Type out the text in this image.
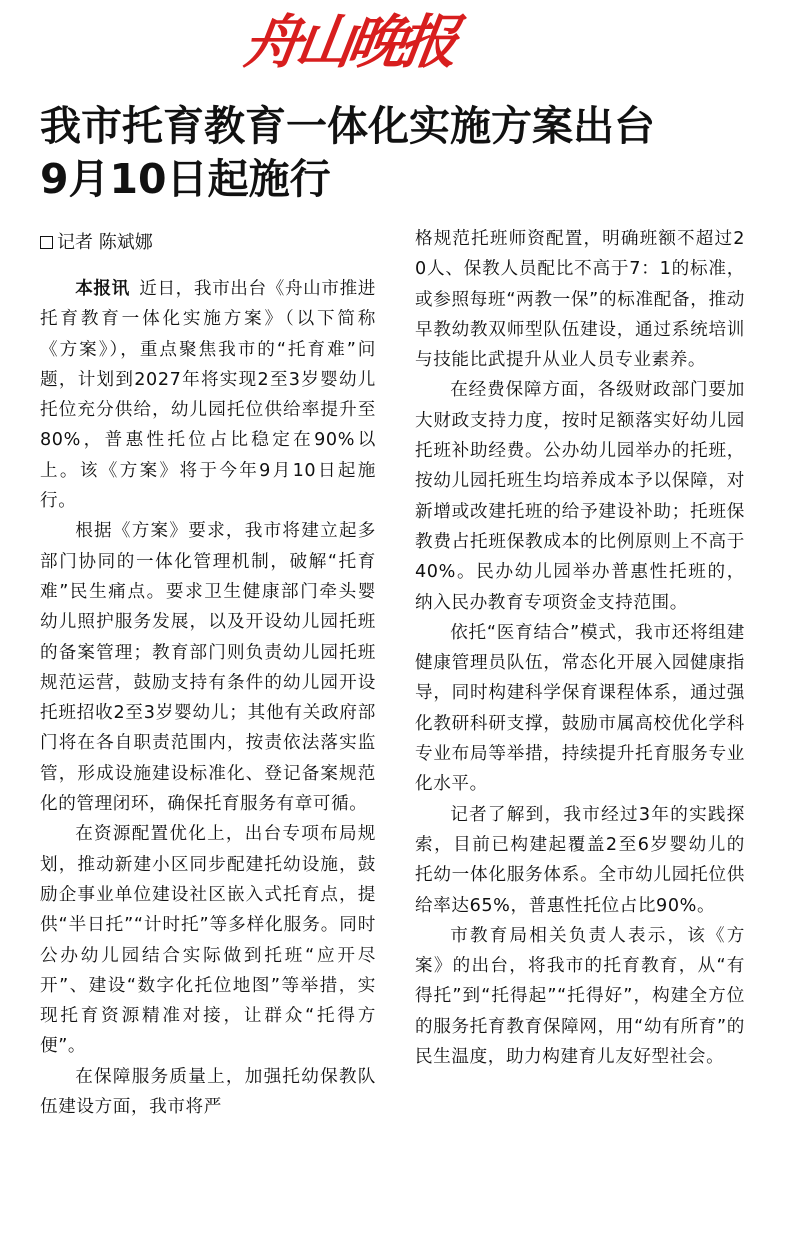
舟山晚报
我市托育教育一体化实施方案出台
9月10日起施行
记者 陈斌娜

本报讯  近日，我市出台《舟山市推进托育教育一体化实施方案》（以下简称《方案》），重点聚焦我市的“托育难”问题，计划到2027年将实现2至3岁婴幼儿托位充分供给，幼儿园托位供给率提升至80%，普惠性托位占比稳定在90%以上。该《方案》将于今年9月10日起施行。

根据《方案》要求，我市将建立起多部门协同的一体化管理机制，破解“托育难”民生痛点。要求卫生健康部门牵头婴幼儿照护服务发展，以及开设幼儿园托班的备案管理；教育部门则负责幼儿园托班规范运营，鼓励支持有条件的幼儿园开设托班招收2至3岁婴幼儿；其他有关政府部门将在各自职责范围内，按责依法落实监管，形成设施建设标准化、登记备案规范化的管理闭环，确保托育服务有章可循。

在资源配置优化上，出台专项布局规划，推动新建小区同步配建托幼设施，鼓励企事业单位建设社区嵌入式托育点，提供“半日托”“计时托”等多样化服务。同时公办幼儿园结合实际做到托班“应开尽开”、建设“数字化托位地图”等举措，实现托育资源精准对接，让群众“托得方便”。

在保障服务质量上，加强托幼保教队伍建设方面，我市将严

格规范托班师资配置，明确班额不超过20人、保教人员配比不高于7：1的标准，或参照每班“两教一保”的标准配备，推动早教幼教双师型队伍建设，通过系统培训与技能比武提升从业人员专业素养。

在经费保障方面，各级财政部门要加大财政支持力度，按时足额落实好幼儿园托班补助经费。公办幼儿园举办的托班，按幼儿园托班生均培养成本予以保障，对新增或改建托班的给予建设补助；托班保教费占托班保教成本的比例原则上不高于40%。民办幼儿园举办普惠性托班的，纳入民办教育专项资金支持范围。

依托“医育结合”模式，我市还将组建健康管理员队伍，常态化开展入园健康指导，同时构建科学保育课程体系，通过强化教研科研支撑，鼓励市属高校优化学科专业布局等举措，持续提升托育服务专业化水平。

记者了解到，我市经过3年的实践探索，目前已构建起覆盖2至6岁婴幼儿的托幼一体化服务体系。全市幼儿园托位供给率达65%，普惠性托位占比90%。

市教育局相关负责人表示，该《方案》的出台，将我市的托育教育，从“有得托”到“托得起”“托得好”，构建全方位的服务托育教育保障网，用“幼有所育”的民生温度，助力构建育儿友好型社会。
